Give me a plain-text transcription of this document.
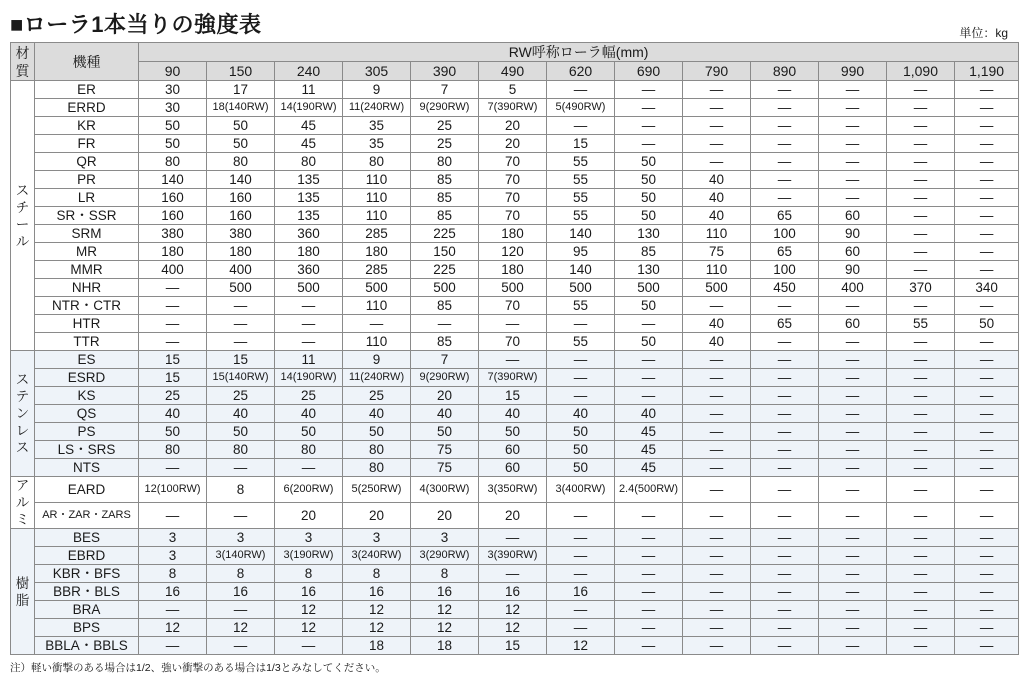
■ローラ1本当りの強度表	単位：kg
材質	機種	RW呼称ローラ幅(mm)												
		90	150	240	305	390	490	620	690	790	890	990	1,090	1,190
スチール	ER	30	17	11	9	7	5	—	—	—	—	—	—	—
	ERRD	30	18(140RW)	14(190RW)	11(240RW)	9(290RW)	7(390RW)	5(490RW)	—	—	—	—	—	—
	KR	50	50	45	35	25	20	—	—	—	—	—	—	—
	FR	50	50	45	35	25	20	15	—	—	—	—	—	—
	QR	80	80	80	80	80	70	55	50	—	—	—	—	—
	PR	140	140	135	110	85	70	55	50	40	—	—	—	—
	LR	160	160	135	110	85	70	55	50	40	—	—	—	—
	SR・SSR	160	160	135	110	85	70	55	50	40	65	60	—	—
	SRM	380	380	360	285	225	180	140	130	110	100	90	—	—
	MR	180	180	180	180	150	120	95	85	75	65	60	—	—
	MMR	400	400	360	285	225	180	140	130	110	100	90	—	—
	NHR	—	500	500	500	500	500	500	500	500	450	400	370	340
	NTR・CTR	—	—	—	110	85	70	55	50	—	—	—	—	—
	HTR	—	—	—	—	—	—	—	—	40	65	60	55	50
	TTR	—	—	—	110	85	70	55	50	40	—	—	—	—
ステンレス	ES	15	15	11	9	7	—	—	—	—	—	—	—	—
	ESRD	15	15(140RW)	14(190RW)	11(240RW)	9(290RW)	7(390RW)	—	—	—	—	—	—	—
	KS	25	25	25	25	20	15	—	—	—	—	—	—	—
	QS	40	40	40	40	40	40	40	40	—	—	—	—	—
	PS	50	50	50	50	50	50	50	45	—	—	—	—	—
	LS・SRS	80	80	80	80	75	60	50	45	—	—	—	—	—
	NTS	—	—	—	80	75	60	50	45	—	—	—	—	—
アルミ	EARD	12(100RW)	8	6(200RW)	5(250RW)	4(300RW)	3(350RW)	3(400RW)	2.4(500RW)	—	—	—	—	—
	AR・ZAR・ZARS	—	—	20	20	20	20	—	—	—	—	—	—	—
樹脂	BES	3	3	3	3	3	—	—	—	—	—	—	—	—
	EBRD	3	3(140RW)	3(190RW)	3(240RW)	3(290RW)	3(390RW)	—	—	—	—	—	—	—
	KBR・BFS	8	8	8	8	8	—	—	—	—	—	—	—	—
	BBR・BLS	16	16	16	16	16	16	16	—	—	—	—	—	—
	BRA	—	—	12	12	12	12	—	—	—	—	—	—	—
	BPS	12	12	12	12	12	12	—	—	—	—	—	—	—
	BBLA・BBLS	—	—	—	18	18	15	12	—	—	—	—	—	—
注）軽い衝撃のある場合は1/2、強い衝撃のある場合は1/3とみなしてください。
